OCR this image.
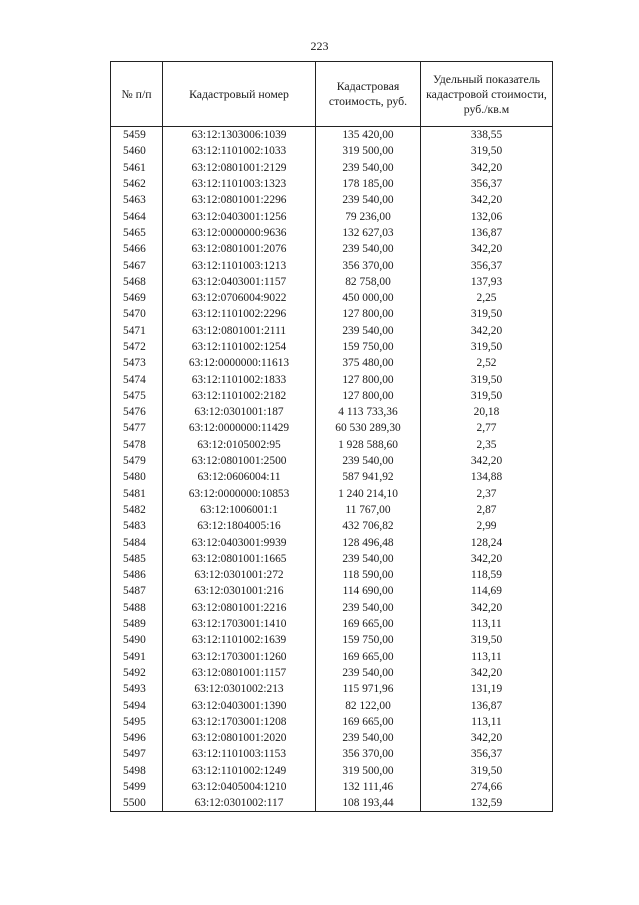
223
№ п/п	Кадастровый номер	Кадастровая стоимость, руб.	Удельный показатель кадастровой стоимости, руб./кв.м
5459	63:12:1303006:1039	135 420,00	338,55
5460	63:12:1101002:1033	319 500,00	319,50
5461	63:12:0801001:2129	239 540,00	342,20
5462	63:12:1101003:1323	178 185,00	356,37
5463	63:12:0801001:2296	239 540,00	342,20
5464	63:12:0403001:1256	79 236,00	132,06
5465	63:12:0000000:9636	132 627,03	136,87
5466	63:12:0801001:2076	239 540,00	342,20
5467	63:12:1101003:1213	356 370,00	356,37
5468	63:12:0403001:1157	82 758,00	137,93
5469	63:12:0706004:9022	450 000,00	2,25
5470	63:12:1101002:2296	127 800,00	319,50
5471	63:12:0801001:2111	239 540,00	342,20
5472	63:12:1101002:1254	159 750,00	319,50
5473	63:12:0000000:11613	375 480,00	2,52
5474	63:12:1101002:1833	127 800,00	319,50
5475	63:12:1101002:2182	127 800,00	319,50
5476	63:12:0301001:187	4 113 733,36	20,18
5477	63:12:0000000:11429	60 530 289,30	2,77
5478	63:12:0105002:95	1 928 588,60	2,35
5479	63:12:0801001:2500	239 540,00	342,20
5480	63:12:0606004:11	587 941,92	134,88
5481	63:12:0000000:10853	1 240 214,10	2,37
5482	63:12:1006001:1	11 767,00	2,87
5483	63:12:1804005:16	432 706,82	2,99
5484	63:12:0403001:9939	128 496,48	128,24
5485	63:12:0801001:1665	239 540,00	342,20
5486	63:12:0301001:272	118 590,00	118,59
5487	63:12:0301001:216	114 690,00	114,69
5488	63:12:0801001:2216	239 540,00	342,20
5489	63:12:1703001:1410	169 665,00	113,11
5490	63:12:1101002:1639	159 750,00	319,50
5491	63:12:1703001:1260	169 665,00	113,11
5492	63:12:0801001:1157	239 540,00	342,20
5493	63:12:0301002:213	115 971,96	131,19
5494	63:12:0403001:1390	82 122,00	136,87
5495	63:12:1703001:1208	169 665,00	113,11
5496	63:12:0801001:2020	239 540,00	342,20
5497	63:12:1101003:1153	356 370,00	356,37
5498	63:12:1101002:1249	319 500,00	319,50
5499	63:12:0405004:1210	132 111,46	274,66
5500	63:12:0301002:117	108 193,44	132,59
